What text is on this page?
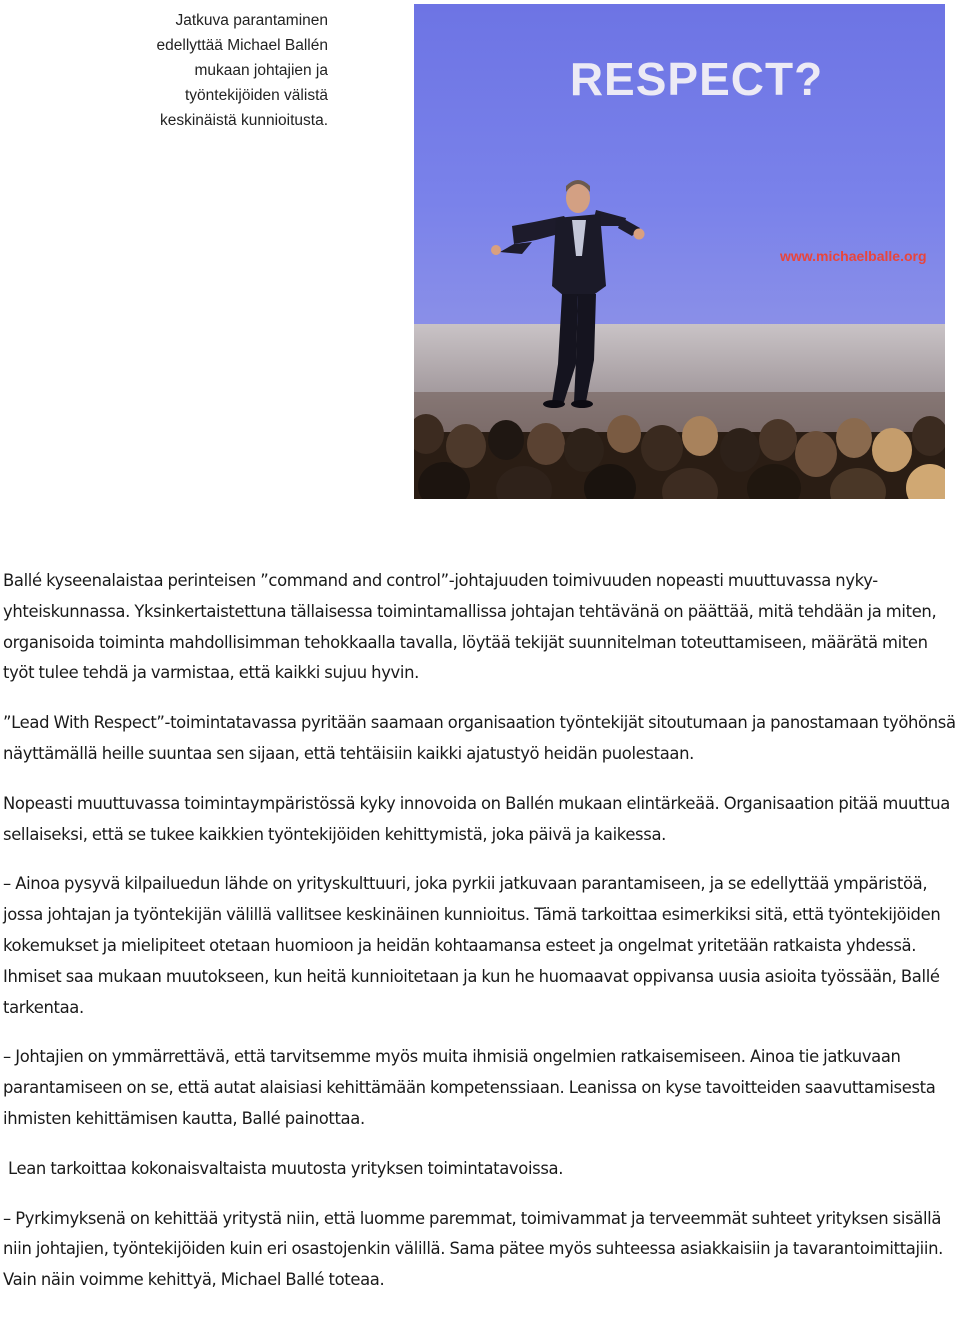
Jatkuva parantaminen
edellyttää Michael Ballén
mukaan johtajien ja
työntekijöiden välistä
keskinäistä kunnioitusta.
RESPECT?
www.michaelballe.org

Ballé kyseenalaistaa perinteisen ”command and control”-johtajuuden toimivuuden nopeasti muuttuvassa nyky-yhteiskunnassa. Yksinkertaistettuna tällaisessa toimintamallissa johtajan tehtävänä on päättää, mitä tehdään ja miten, organisoida toiminta mahdollisimman tehokkaalla tavalla, löytää tekijät suunnitelman toteuttamiseen, määrätä miten työt tulee tehdä ja varmistaa, että kaikki sujuu hyvin.

”Lead With Respect”-toimintatavassa pyritään saamaan organisaation työntekijät sitoutumaan ja panostamaan työhönsä näyttämällä heille suuntaa sen sijaan, että tehtäisiin kaikki ajatustyö heidän puolestaan.

Nopeasti muuttuvassa toimintaympäristössä kyky innovoida on Ballén mukaan elintärkeää. Organisaation pitää muuttua sellaiseksi, että se tukee kaikkien työntekijöiden kehittymistä, joka päivä ja kaikessa.

– Ainoa pysyvä kilpailuedun lähde on yrityskulttuuri, joka pyrkii jatkuvaan parantamiseen, ja se edellyttää ympäristöä, jossa johtajan ja työntekijän välillä vallitsee keskinäinen kunnioitus. Tämä tarkoittaa esimerkiksi sitä, että työntekijöiden kokemukset ja mielipiteet otetaan huomioon ja heidän kohtaamansa esteet ja ongelmat yritetään ratkaista yhdessä. Ihmiset saa mukaan muutokseen, kun heitä kunnioitetaan ja kun he huomaavat oppivansa uusia asioita työssään, Ballé tarkentaa.

– Johtajien on ymmärrettävä, että tarvitsemme myös muita ihmisiä ongelmien ratkaisemiseen. Ainoa tie jatkuvaan parantamiseen on se, että autat alaisiasi kehittämään kompetenssiaan. Leanissa on kyse tavoitteiden saavuttamisesta ihmisten kehittämisen kautta, Ballé painottaa.

Lean tarkoittaa kokonaisvaltaista muutosta yrityksen toimintatavoissa.

– Pyrkimyksenä on kehittää yritystä niin, että luomme paremmat, toimivammat ja terveemmät suhteet yrityksen sisällä niin johtajien, työntekijöiden kuin eri osastojenkin välillä. Sama pätee myös suhteessa asiakkaisiin ja tavarantoimittajiin. Vain näin voimme kehittyä, Michael Ballé toteaa.
